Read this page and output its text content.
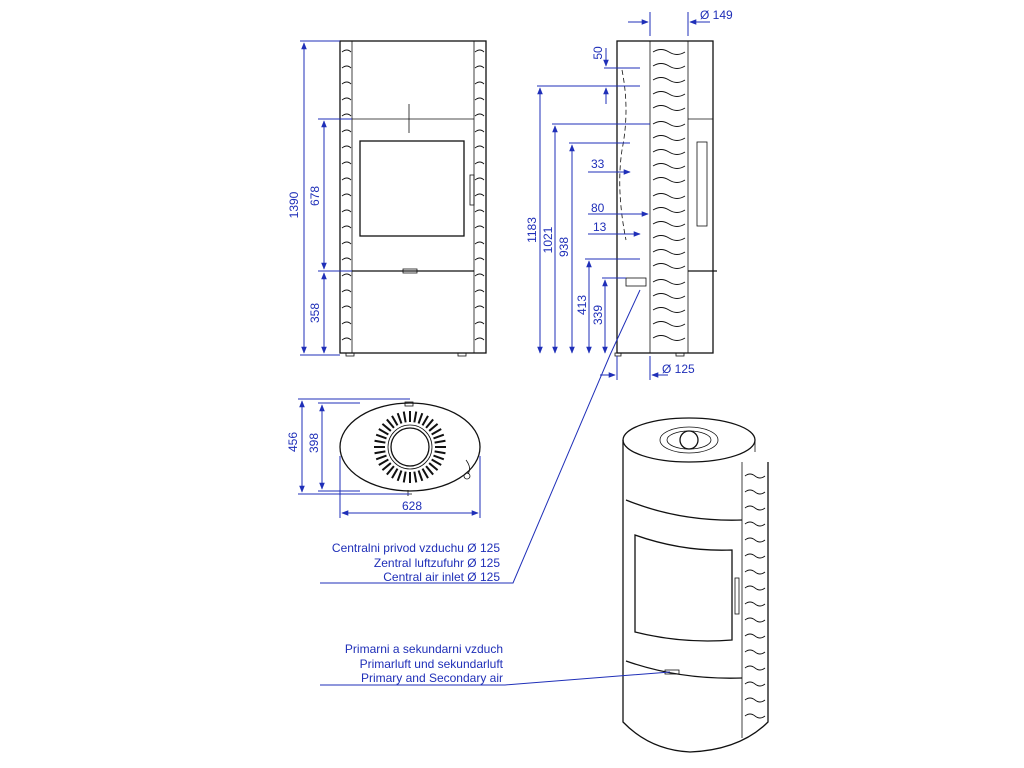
1390 678
358
Ø 149
50
1183 1021 938
33
80
13
413 339
Ø 125
456 398
628
Centralni privod vzduchu Ø 125
Zentral luftzufuhr Ø 125
Central air inlet Ø 125
Primarni a sekundarni vzduch
Primarluft und sekundarluft
Primary and Secondary air
